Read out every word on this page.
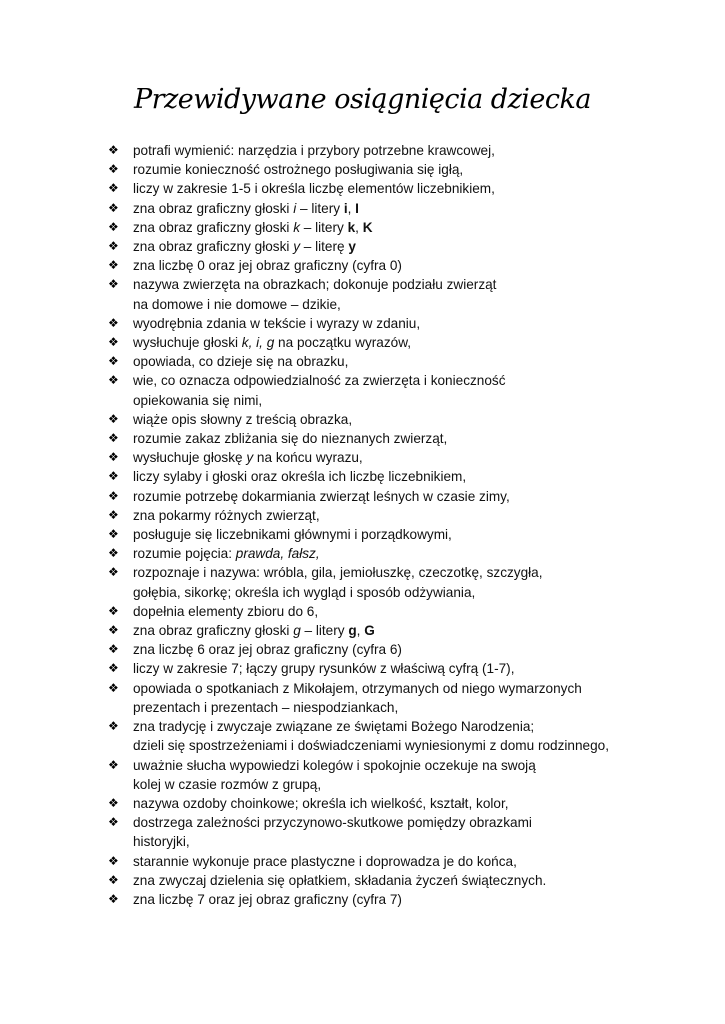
Przewidywane osiągnięcia dziecka
❖	potrafi wymienić: narzędzia i przybory potrzebne krawcowej,
❖	rozumie konieczność ostrożnego posługiwania się igłą,
❖	liczy w zakresie 1-5 i określa liczbę elementów liczebnikiem,
❖	zna obraz graficzny głoski i – litery i, I
❖	zna obraz graficzny głoski k – litery k, K
❖	zna obraz graficzny głoski y – literę y
❖	zna liczbę 0 oraz jej obraz graficzny (cyfra 0)
❖	nazywa zwierzęta na obrazkach; dokonuje podziału zwierząt
na domowe i nie domowe – dzikie,
❖	wyodrębnia zdania w tekście i wyrazy w zdaniu,
❖	wysłuchuje głoski k, i, g na początku wyrazów,
❖	opowiada, co dzieje się na obrazku,
❖	wie, co oznacza odpowiedzialność za zwierzęta i konieczność
opiekowania się nimi,
❖	wiąże opis słowny z treścią obrazka,
❖	rozumie zakaz zbliżania się do nieznanych zwierząt,
❖	wysłuchuje głoskę y na końcu wyrazu,
❖	liczy sylaby i głoski oraz określa ich liczbę liczebnikiem,
❖	rozumie potrzebę dokarmiania zwierząt leśnych w czasie zimy,
❖	zna pokarmy różnych zwierząt,
❖	posługuje się liczebnikami głównymi i porządkowymi,
❖	rozumie pojęcia: prawda, fałsz,
❖	rozpoznaje i nazywa: wróbla, gila, jemiołuszkę, czeczotkę, szczygła,
gołębia, sikorkę; określa ich wygląd i sposób odżywiania,
❖	dopełnia elementy zbioru do 6,
❖	zna obraz graficzny głoski g – litery g, G
❖	zna liczbę 6 oraz jej obraz graficzny (cyfra 6)
❖	liczy w zakresie 7; łączy grupy rysunków z właściwą cyfrą (1-7),
❖	opowiada o spotkaniach z Mikołajem, otrzymanych od niego wymarzonych
prezentach i prezentach – niespodziankach,
❖	zna tradycję i zwyczaje związane ze świętami Bożego Narodzenia;
dzieli się spostrzeżeniami i doświadczeniami wyniesionymi z domu rodzinnego,
❖	uważnie słucha wypowiedzi kolegów i spokojnie oczekuje na swoją
kolej w czasie rozmów z grupą,
❖	nazywa ozdoby choinkowe; określa ich wielkość, kształt, kolor,
❖	dostrzega zależności przyczynowo-skutkowe pomiędzy obrazkami
historyjki,
❖	starannie wykonuje prace plastyczne i doprowadza je do końca,
❖	zna zwyczaj dzielenia się opłatkiem, składania życzeń świątecznych.
❖	zna liczbę 7 oraz jej obraz graficzny (cyfra 7)
